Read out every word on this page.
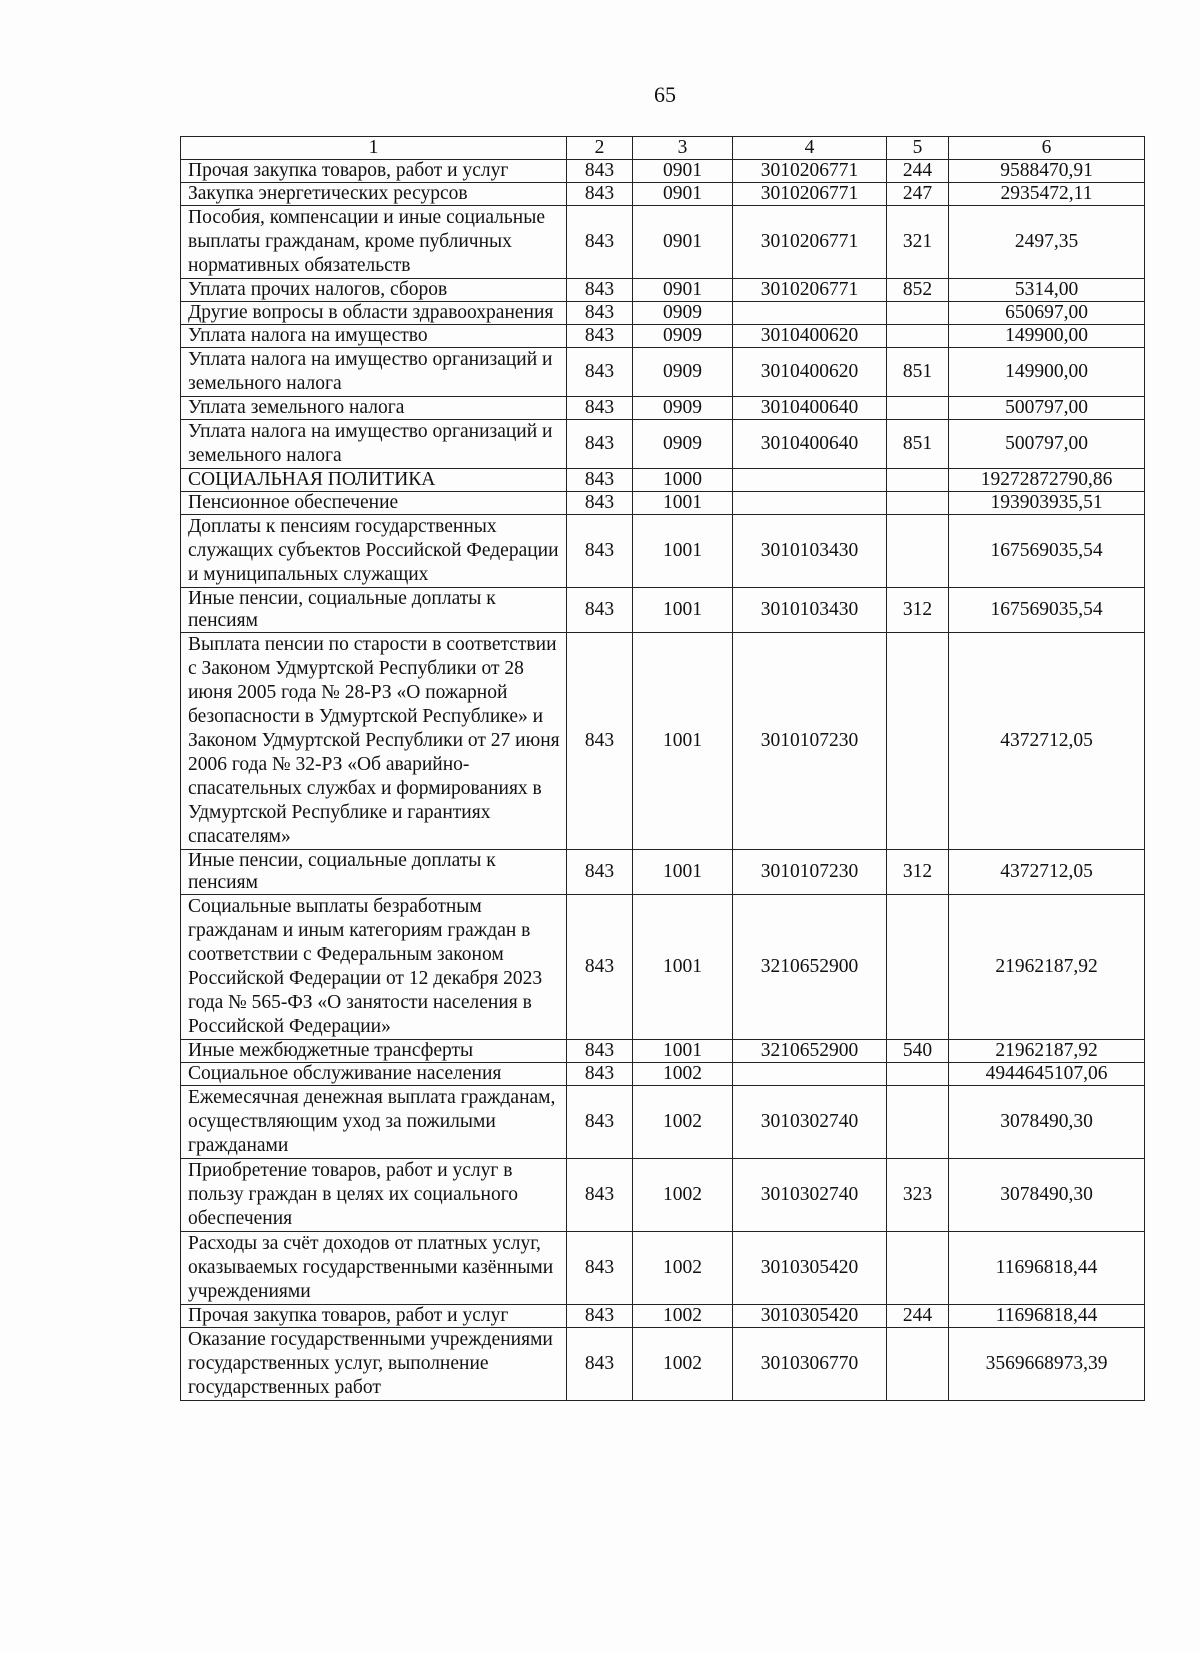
65
1	2	3	4	5	6
Прочая закупка товаров, работ и услуг	843	0901	3010206771	244	9588470,91
Закупка энергетических ресурсов	843	0901	3010206771	247	2935472,11
Пособия, компенсации и иные социальные выплаты гражданам, кроме публичных нормативных обязательств	843	0901	3010206771	321	2497,35
Уплата прочих налогов, сборов	843	0901	3010206771	852	5314,00
Другие вопросы в области здравоохранения	843	0909			650697,00
Уплата налога на имущество	843	0909	3010400620		149900,00
Уплата налога на имущество организаций и земельного налога	843	0909	3010400620	851	149900,00
Уплата земельного налога	843	0909	3010400640		500797,00
Уплата налога на имущество организаций и земельного налога	843	0909	3010400640	851	500797,00
СОЦИАЛЬНАЯ ПОЛИТИКА	843	1000			19272872790,86
Пенсионное обеспечение	843	1001			193903935,51
Доплаты к пенсиям государственных служащих субъектов Российской Федерации и муниципальных служащих	843	1001	3010103430		167569035,54
Иные пенсии, социальные доплаты к пенсиям	843	1001	3010103430	312	167569035,54
Выплата пенсии по старости в соответствии с Законом Удмуртской Республики от 28 июня 2005 года № 28-РЗ «О пожарной безопасности в Удмуртской Республике» и Законом Удмуртской Республики от 27 июня 2006 года № 32-РЗ «Об аварийно-спасательных службах и формированиях в Удмуртской Республике и гарантиях спасателям»	843	1001	3010107230		4372712,05
Иные пенсии, социальные доплаты к пенсиям	843	1001	3010107230	312	4372712,05
Социальные выплаты безработным гражданам и иным категориям граждан в соответствии с Федеральным законом Российской Федерации от 12 декабря 2023 года № 565-ФЗ «О занятости населения в Российской Федерации»	843	1001	3210652900		21962187,92
Иные межбюджетные трансферты	843	1001	3210652900	540	21962187,92
Социальное обслуживание населения	843	1002			4944645107,06
Ежемесячная денежная выплата гражданам, осуществляющим уход за пожилыми гражданами	843	1002	3010302740		3078490,30
Приобретение товаров, работ и услуг в пользу граждан в целях их социального обеспечения	843	1002	3010302740	323	3078490,30
Расходы за счёт доходов от платных услуг, оказываемых государственными казёнными учреждениями	843	1002	3010305420		11696818,44
Прочая закупка товаров, работ и услуг	843	1002	3010305420	244	11696818,44
Оказание государственными учреждениями государственных услуг, выполнение государственных работ	843	1002	3010306770		3569668973,39
